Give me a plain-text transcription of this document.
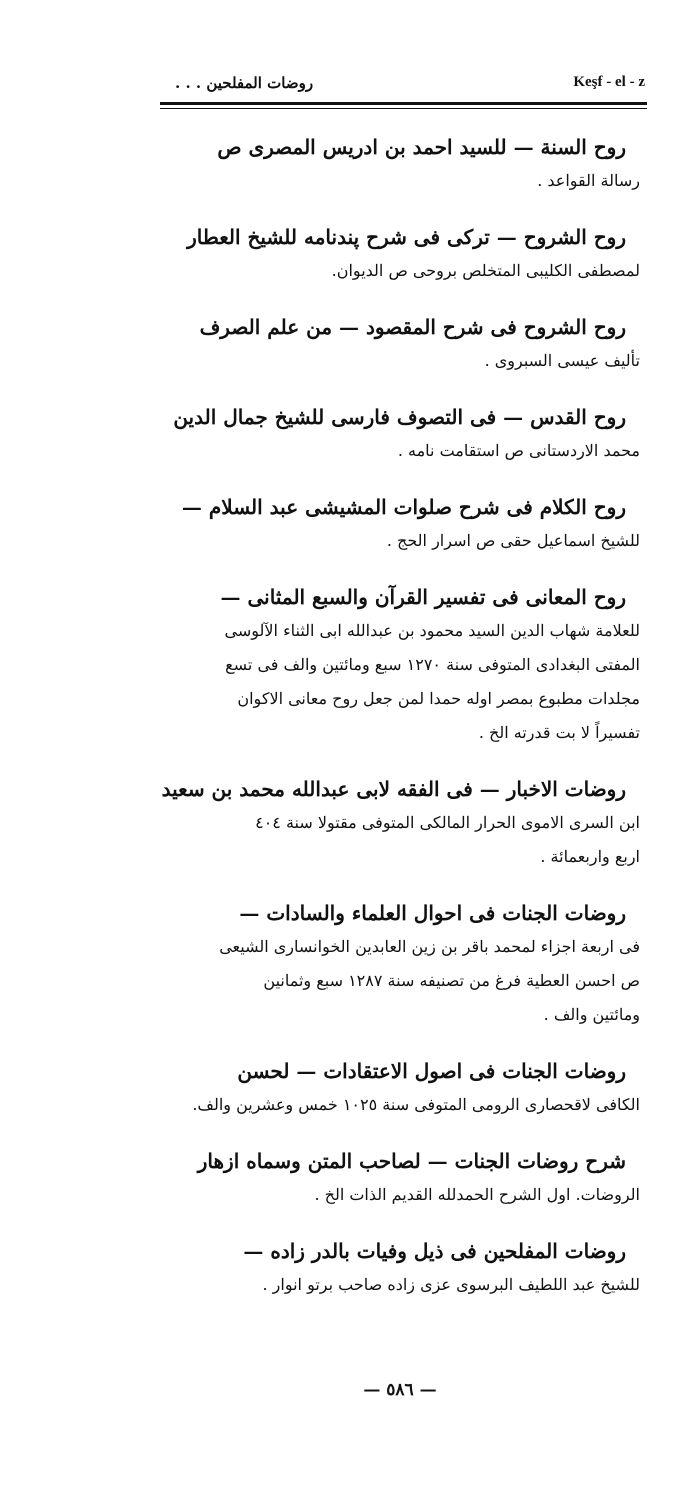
روضات المفلحين . . .	Keşf - el - z
روح السنة — للسيد احمد بن ادريس المصرى ص
رسالة القواعد .
روح الشروح — تركى فى شرح پندنامه للشيخ العطار
لمصطفى الكليبى المتخلص بروحى ص الديوان.
روح الشروح فى شرح المقصود — من علم الصرف
تأليف عيسى السبروى .
روح القدس — فى التصوف فارسى للشيخ جمال الدين
محمد الاردستانى ص استقامت نامه .
روح الكلام فى شرح صلوات المشيشى عبد السلام —
للشيخ اسماعيل حقى ص اسرار الحج .
روح المعانى فى تفسير القرآن والسبع المثانى —
للعلامة شهاب الدين السيد محمود بن عبدالله ابى الثناء الآلوسى
المفتى البغدادى المتوفى سنة ١٢٧٠ سبع ومائتين والف فى تسع
مجلدات مطبوع بمصر اوله حمدا لمن جعل روح معانى الاكوان
تفسيراً لا بت قدرته الخ .
روضات الاخبار — فى الفقه لابى عبدالله محمد بن سعيد
ابن السرى الاموى الحرار المالكى المتوفى مقتولا سنة ٤٠٤
اربع واربعمائة .
روضات الجنات فى احوال العلماء والسادات —
فى اربعة اجزاء لمحمد باقر بن زين العابدين الخوانسارى الشيعى
ص احسن العطية فرغ من تصنيفه سنة ١٢٨٧ سبع وثمانين
ومائتين والف .
روضات الجنات فى اصول الاعتقادات — لحسن
الكافى لاقحصارى الرومى المتوفى سنة ١٠٢٥ خمس وعشرين والف.
شرح روضات الجنات — لصاحب المتن وسماه ازهار
الروضات. اول الشرح الحمدلله القديم الذات الخ .
روضات المفلحين فى ذيل وفيات بالدر زاده —
للشيخ عبد اللطيف البرسوى عزى زاده صاحب برتو انوار .
— ٥٨٦ —
